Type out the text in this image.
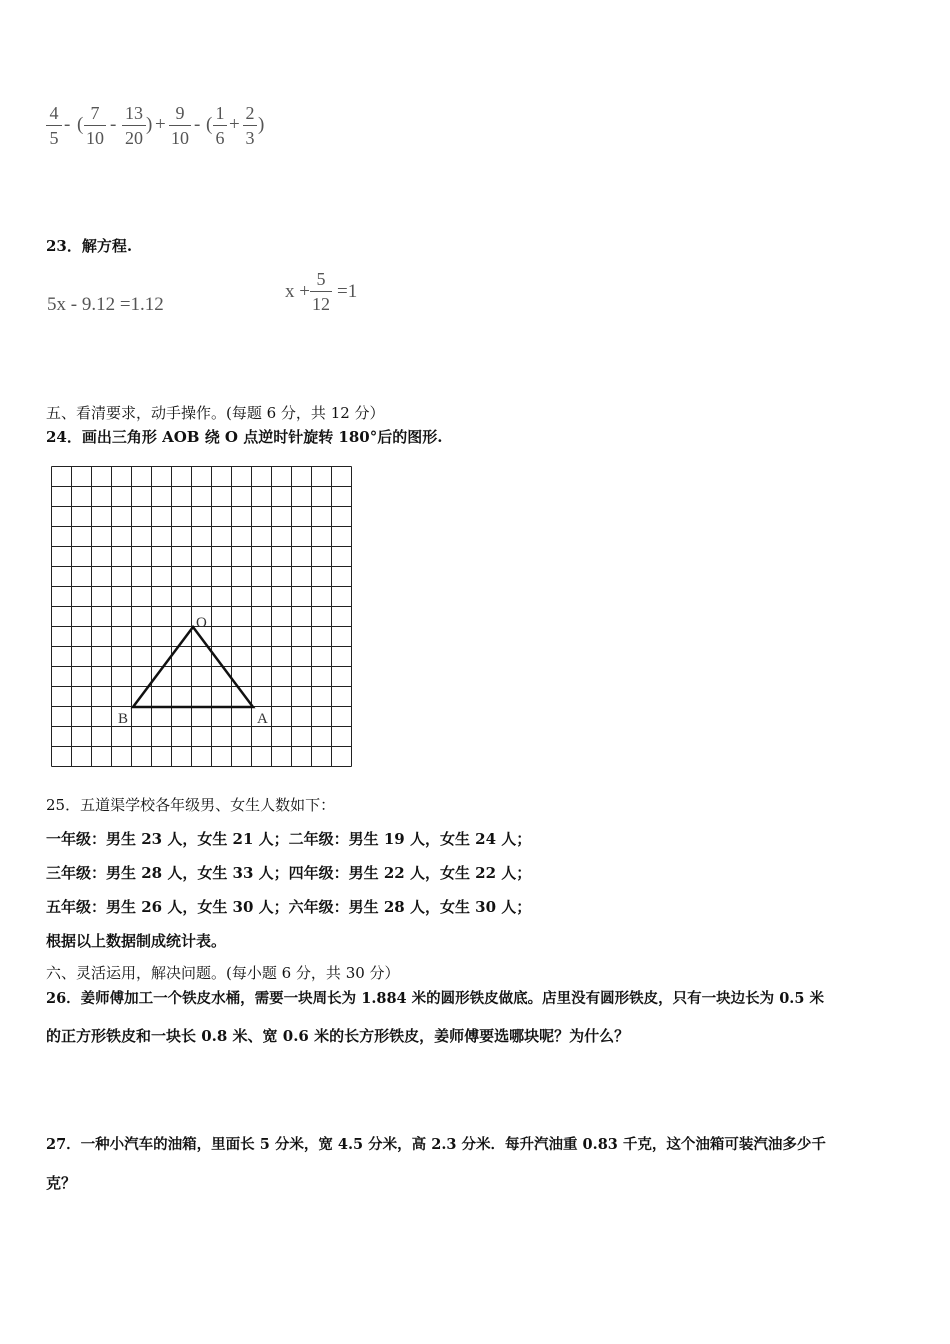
4
5
- (
7
10
-
13
20
) +
9
10
- (
1
6
+
2
3
)
23．解方程.
5x - 9.12 =1.12
x +
5
12
=1
五、看清要求，动手操作。(每题 6 分，共 12 分）
24．画出三角形 AOB 绕 O 点逆时针旋转 180°后的图形.
O
B	A
25．五道渠学校各年级男、女生人数如下：
一年级：男生 23 人，女生 21 人；二年级：男生 19 人，女生 24 人；
三年级：男生 28 人，女生 33 人；四年级：男生 22 人，女生 22 人；
五年级：男生 26 人，女生 30 人；六年级：男生 28 人，女生 30 人；
根据以上数据制成统计表。
六、灵活运用，解决问题。(每小题 6 分，共 30 分）
26．姜师傅加工一个铁皮水桶，需要一块周长为 1.884 米的圆形铁皮做底。店里没有圆形铁皮，只有一块边长为 0.5 米
的正方形铁皮和一块长 0.8 米、宽 0.6 米的长方形铁皮，姜师傅要选哪块呢？为什么？
27．一种小汽车的油箱，里面长 5 分米，宽 4.5 分米，高 2.3 分米．每升汽油重 0.83 千克，这个油箱可装汽油多少千
克？
